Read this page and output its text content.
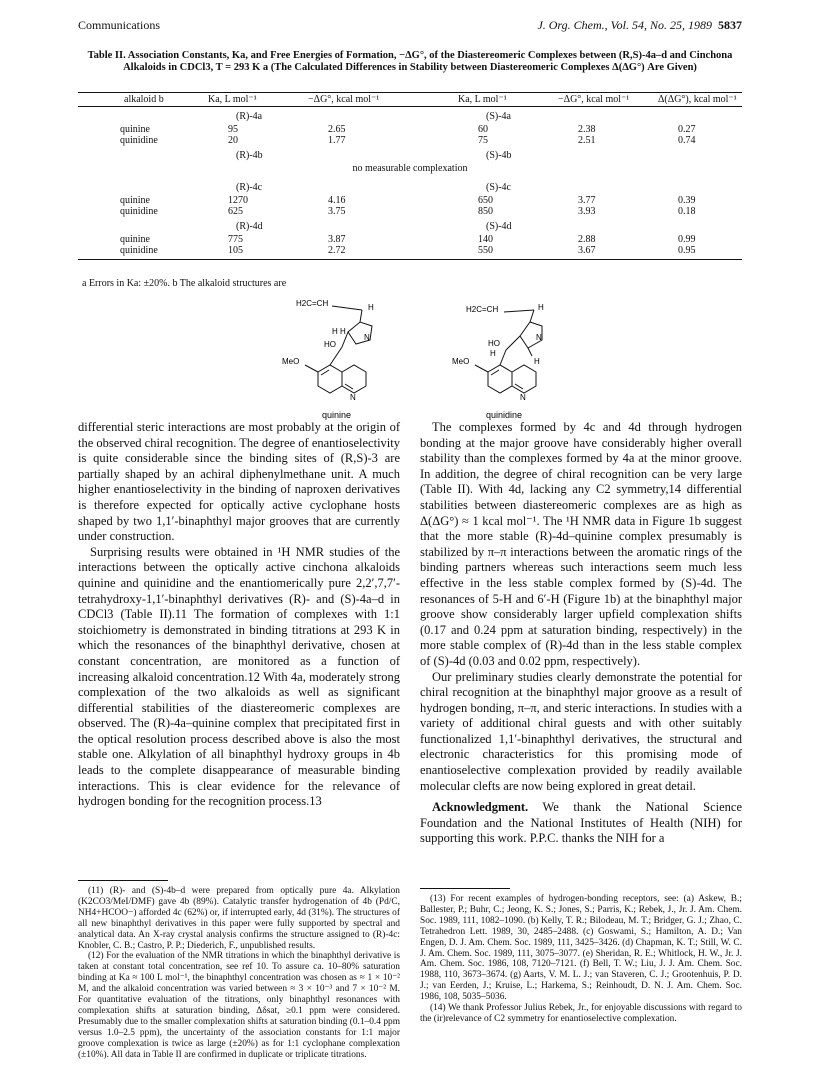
Communications	J. Org. Chem., Vol. 54, No. 25, 1989 5837
Table II. Association Constants, Ka, and Free Energies of Formation, −ΔG°, of the Diastereomeric Complexes between (R,S)-4a–d and Cinchona Alkaloids in CDCl3, T = 293 K a (The Calculated Differences in Stability between Diastereomeric Complexes Δ(ΔG°) Are Given)
alkaloid b	Ka, L mol⁻¹	−ΔG°, kcal mol⁻¹	Ka, L mol⁻¹	−ΔG°, kcal mol⁻¹	Δ(ΔG°), kcal mol⁻¹
	(R)-4a		(S)-4a		
quinine	95	2.65	60	2.38	0.27
quinidine	20	1.77	75	2.51	0.74
	(R)-4b		(S)-4b		
no measurable complexation					
	(R)-4c		(S)-4c		
quinine	1270	4.16	650	3.77	0.39
quinidine	625	3.75	850	3.93	0.18
	(R)-4d		(S)-4d		
quinine	775	3.87	140	2.88	0.99
quinidine	105	2.72	550	3.67	0.95
a Errors in Ka: ±20%. b The alkaloid structures are
H2C=CH	H
H H
HO
N
MeO
N
quinine
H2C=CH	H
HO
H
H
N
MeO
N
quinidine

differential steric interactions are most probably at the origin of the observed chiral recognition. The degree of enantioselectivity is quite considerable since the binding sites of (R,S)-3 are partially shaped by an achiral diphenylmethane unit. A much higher enantioselectivity in the binding of naproxen derivatives is therefore expected for optically active cyclophane hosts shaped by two 1,1′-binaphthyl major grooves that are currently under construction.

Surprising results were obtained in ¹H NMR studies of the interactions between the optically active cinchona alkaloids quinine and quinidine and the enantiomerically pure 2,2′,7,7′-tetrahydroxy-1,1′-binaphthyl derivatives (R)- and (S)-4a–d in CDCl3 (Table II).11 The formation of complexes with 1:1 stoichiometry is demonstrated in binding titrations at 293 K in which the resonances of the binaphthyl derivative, chosen at constant concentration, are monitored as a function of increasing alkaloid concentration.12 With 4a, moderately strong complexation of the two alkaloids as well as significant differential stabilities of the diastereomeric complexes are observed. The (R)-4a–quinine complex that precipitated first in the optical resolution process described above is also the most stable one. Alkylation of all binaphthyl hydroxy groups in 4b leads to the complete disappearance of measurable binding interactions. This is clear evidence for the relevance of hydrogen bonding for the recognition process.13

(11) (R)- and (S)-4b–d were prepared from optically pure 4a. Alkylation (K2CO3/MeI/DMF) gave 4b (89%). Catalytic transfer hydrogenation of 4b (Pd/C, NH4+HCOO−) afforded 4c (62%) or, if interrupted early, 4d (31%). The structures of all new binaphthyl derivatives in this paper were fully supported by spectral and analytical data. An X-ray crystal analysis confirms the structure assigned to (R)-4c: Knobler, C. B.; Castro, P. P.; Diederich, F., unpublished results.

(12) For the evaluation of the NMR titrations in which the binaphthyl derivative is taken at constant total concentration, see ref 10. To assure ca. 10–80% saturation binding at Ka ≈ 100 L mol⁻¹, the binaphthyl concentration was chosen as ≈ 1 × 10⁻² M, and the alkaloid concentration was varied between ≈ 3 × 10⁻³ and 7 × 10⁻² M. For quantitative evaluation of the titrations, only binaphthyl resonances with complexation shifts at saturation binding, Δδsat, ≥0.1 ppm were considered. Presumably due to the smaller complexation shifts at saturation binding (0.1–0.4 ppm versus 1.0–2.5 ppm), the uncertainty of the association constants for 1:1 major groove complexation is twice as large (±20%) as for 1:1 cyclophane complexation (±10%). All data in Table II are confirmed in duplicate or triplicate titrations.

The complexes formed by 4c and 4d through hydrogen bonding at the major groove have considerably higher overall stability than the complexes formed by 4a at the minor groove. In addition, the degree of chiral recognition can be very large (Table II). With 4d, lacking any C2 symmetry,14 differential stabilities between diastereomeric complexes are as high as Δ(ΔG°) ≈ 1 kcal mol⁻¹. The ¹H NMR data in Figure 1b suggest that the more stable (R)-4d–quinine complex presumably is stabilized by π–π interactions between the aromatic rings of the binding partners whereas such interactions seem much less effective in the less stable complex formed by (S)-4d. The resonances of 5-H and 6′-H (Figure 1b) at the binaphthyl major groove show considerably larger upfield complexation shifts (0.17 and 0.24 ppm at saturation binding, respectively) in the more stable complex of (R)-4d than in the less stable complex of (S)-4d (0.03 and 0.02 ppm, respectively).

Our preliminary studies clearly demonstrate the potential for chiral recognition at the binaphthyl major groove as a result of hydrogen bonding, π–π, and steric interactions. In studies with a variety of additional chiral guests and with other suitably functionalized 1,1′-binaphthyl derivatives, the structural and electronic characteristics for this promising mode of enantioselective complexation provided by readily available molecular clefts are now being explored in great detail.

Acknowledgment. We thank the National Science Foundation and the National Institutes of Health (NIH) for supporting this work. P.P.C. thanks the NIH for a

(13) For recent examples of hydrogen-bonding receptors, see: (a) Askew, B.; Ballester, P.; Buhr, C.; Jeong, K. S.; Jones, S.; Parris, K.; Rebek, J., Jr. J. Am. Chem. Soc. 1989, 111, 1082–1090. (b) Kelly, T. R.; Bilodeau, M. T.; Bridger, G. J.; Zhao, C. Tetrahedron Lett. 1989, 30, 2485–2488. (c) Goswami, S.; Hamilton, A. D.; Van Engen, D. J. Am. Chem. Soc. 1989, 111, 3425–3426. (d) Chapman, K. T.; Still, W. C. J. Am. Chem. Soc. 1989, 111, 3075–3077. (e) Sheridan, R. E.; Whitlock, H. W., Jr. J. Am. Chem. Soc. 1986, 108, 7120–7121. (f) Bell, T. W.; Liu, J. J. Am. Chem. Soc. 1988, 110, 3673–3674. (g) Aarts, V. M. L. J.; van Staveren, C. J.; Grootenhuis, P. D. J.; van Eerden, J.; Kruise, L.; Harkema, S.; Reinhoudt, D. N. J. Am. Chem. Soc. 1986, 108, 5035–5036.

(14) We thank Professor Julius Rebek, Jr., for enjoyable discussions with regard to the (ir)relevance of C2 symmetry for enantioselective complexation.
